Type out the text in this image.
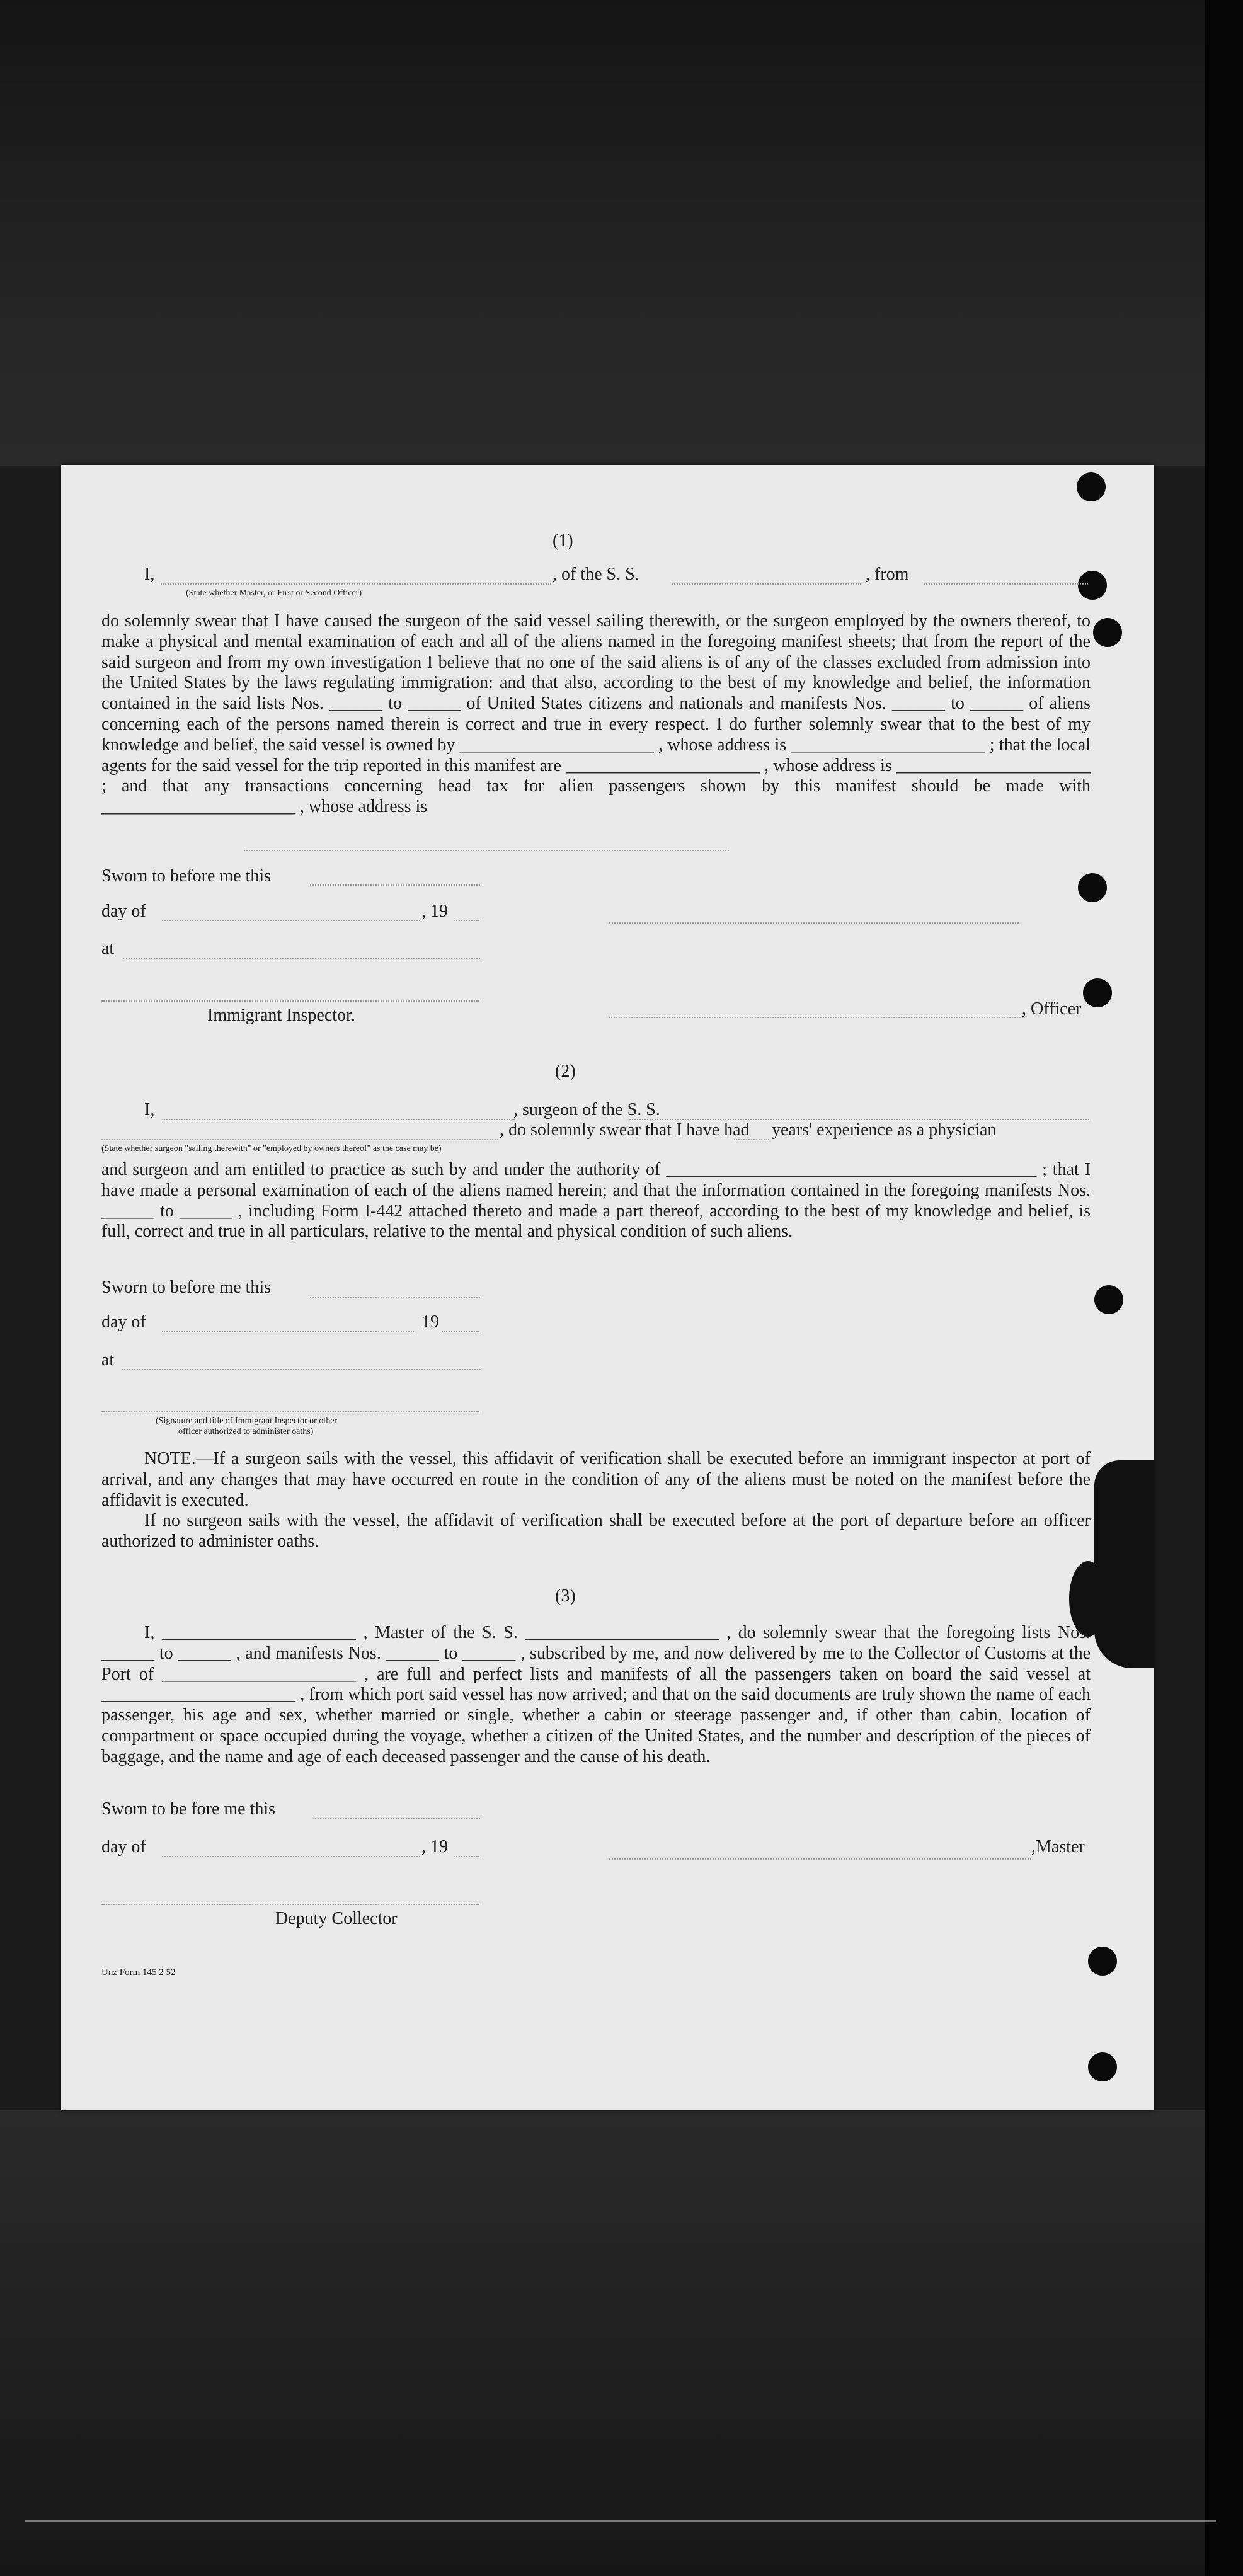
(1)
I,
(State whether Master, or First or Second Officer)
, of the S. S.	, from
do solemnly swear that I have caused the surgeon of the said vessel sailing therewith, or the surgeon employed by the owners thereof, to make a physical and mental examination of each and all of the aliens named in the foregoing manifest sheets; that from the report of the said surgeon and from my own investigation I believe that no one of the said aliens is of any of the classes excluded from admission into the United States by the laws regulating immigration: and that also, according to the best of my knowledge and belief, the information contained in the said lists Nos. ______ to ______ of United States citizens and nationals and manifests Nos. ______ to ______ of aliens concerning each of the persons named therein is correct and true in every respect. I do further solemnly swear that to the best of my knowledge and belief, the said vessel is owned by ______________________ , whose address is ______________________ ; that the local agents for the said vessel for the trip reported in this manifest are ______________________ , whose address is ______________________ ; and that any transactions concerning head tax for alien passengers shown by this manifest should be made with ______________________ , whose address is
Sworn to before me this
day of	, 19
at
Immigrant Inspector.	, Officer
(2)
I,	, surgeon of the S. S.
, do solemnly swear that I have had years' experience as a physician
(State whether surgeon "sailing therewith" or "employed by owners thereof" as the case may be)
and surgeon and am entitled to practice as such by and under the authority of __________________________________________ ; that I have made a personal examination of each of the aliens named herein; and that the information contained in the foregoing manifests Nos. ______ to ______ , including Form I-442 attached thereto and made a part thereof, according to the best of my knowledge and belief, is full, correct and true in all particulars, relative to the mental and physical condition of such aliens.
Sworn to before me this
day of	19
at
(Signature and title of Immigrant Inspector or other
officer authorized to administer oaths)
NOTE.—If a surgeon sails with the vessel, this affidavit of verification shall be executed before an immigrant inspector at port of arrival, and any changes that may have occurred en route in the condition of any of the aliens must be noted on the manifest before the affidavit is executed.
If no surgeon sails with the vessel, the affidavit of verification shall be executed before at the port of departure before an officer authorized to administer oaths.
(3)
I, ______________________ , Master of the S. S. ______________________ , do solemnly swear that the foregoing lists Nos. ______ to ______ , and manifests Nos. ______ to ______ , subscribed by me, and now delivered by me to the Collector of Customs at the Port of ______________________ , are full and perfect lists and manifests of all the passengers taken on board the said vessel at ______________________ , from which port said vessel has now arrived; and that on the said documents are truly shown the name of each passenger, his age and sex, whether married or single, whether a cabin or steerage passenger and, if other than cabin, location of compartment or space occupied during the voyage, whether a citizen of the United States, and the number and description of the pieces of baggage, and the name and age of each deceased passenger and the cause of his death.
Sworn to be fore me this
day of	, 19	,Master
Deputy Collector
Unz Form 145 2 52
